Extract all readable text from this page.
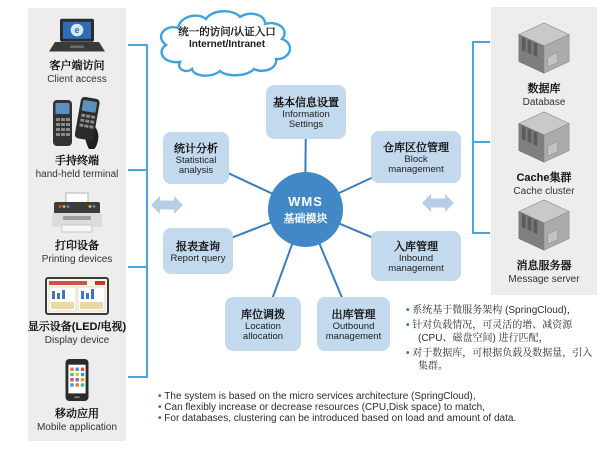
统一的访问/认证入口
Internet/Intranet
e
客户端访问
Client access
手持终端
hand-held terminal
打印设备
Printing devices
显示设备(LED/电视)
Display device
移动应用
Mobile application
数据库
Database
Cache集群
Cache cluster
消息服务器
Message server
基本信息设置
Information
Settings
统计分析
Statistical
analysis
仓库区位管理
Block
management
报表查询
Report query
入库管理
Inbound
management
库位调拨
Location
allocation
出库管理
Outbound
management
WMS
基础模块
• 系统基于微服务架构 (SpringCloud)，
• 针对负载情况，可灵活的增、减资源 (CPU、磁盘空间) 进行匹配，
• 对于数据库，可根据负载及数据量，引入集群。
• The system is based on the micro services architecture (SpringCloud),
• Can flexibly increase or decrease resources (CPU,Disk space) to match,
• For databases, clustering can be introduced based on load and amount of data.
